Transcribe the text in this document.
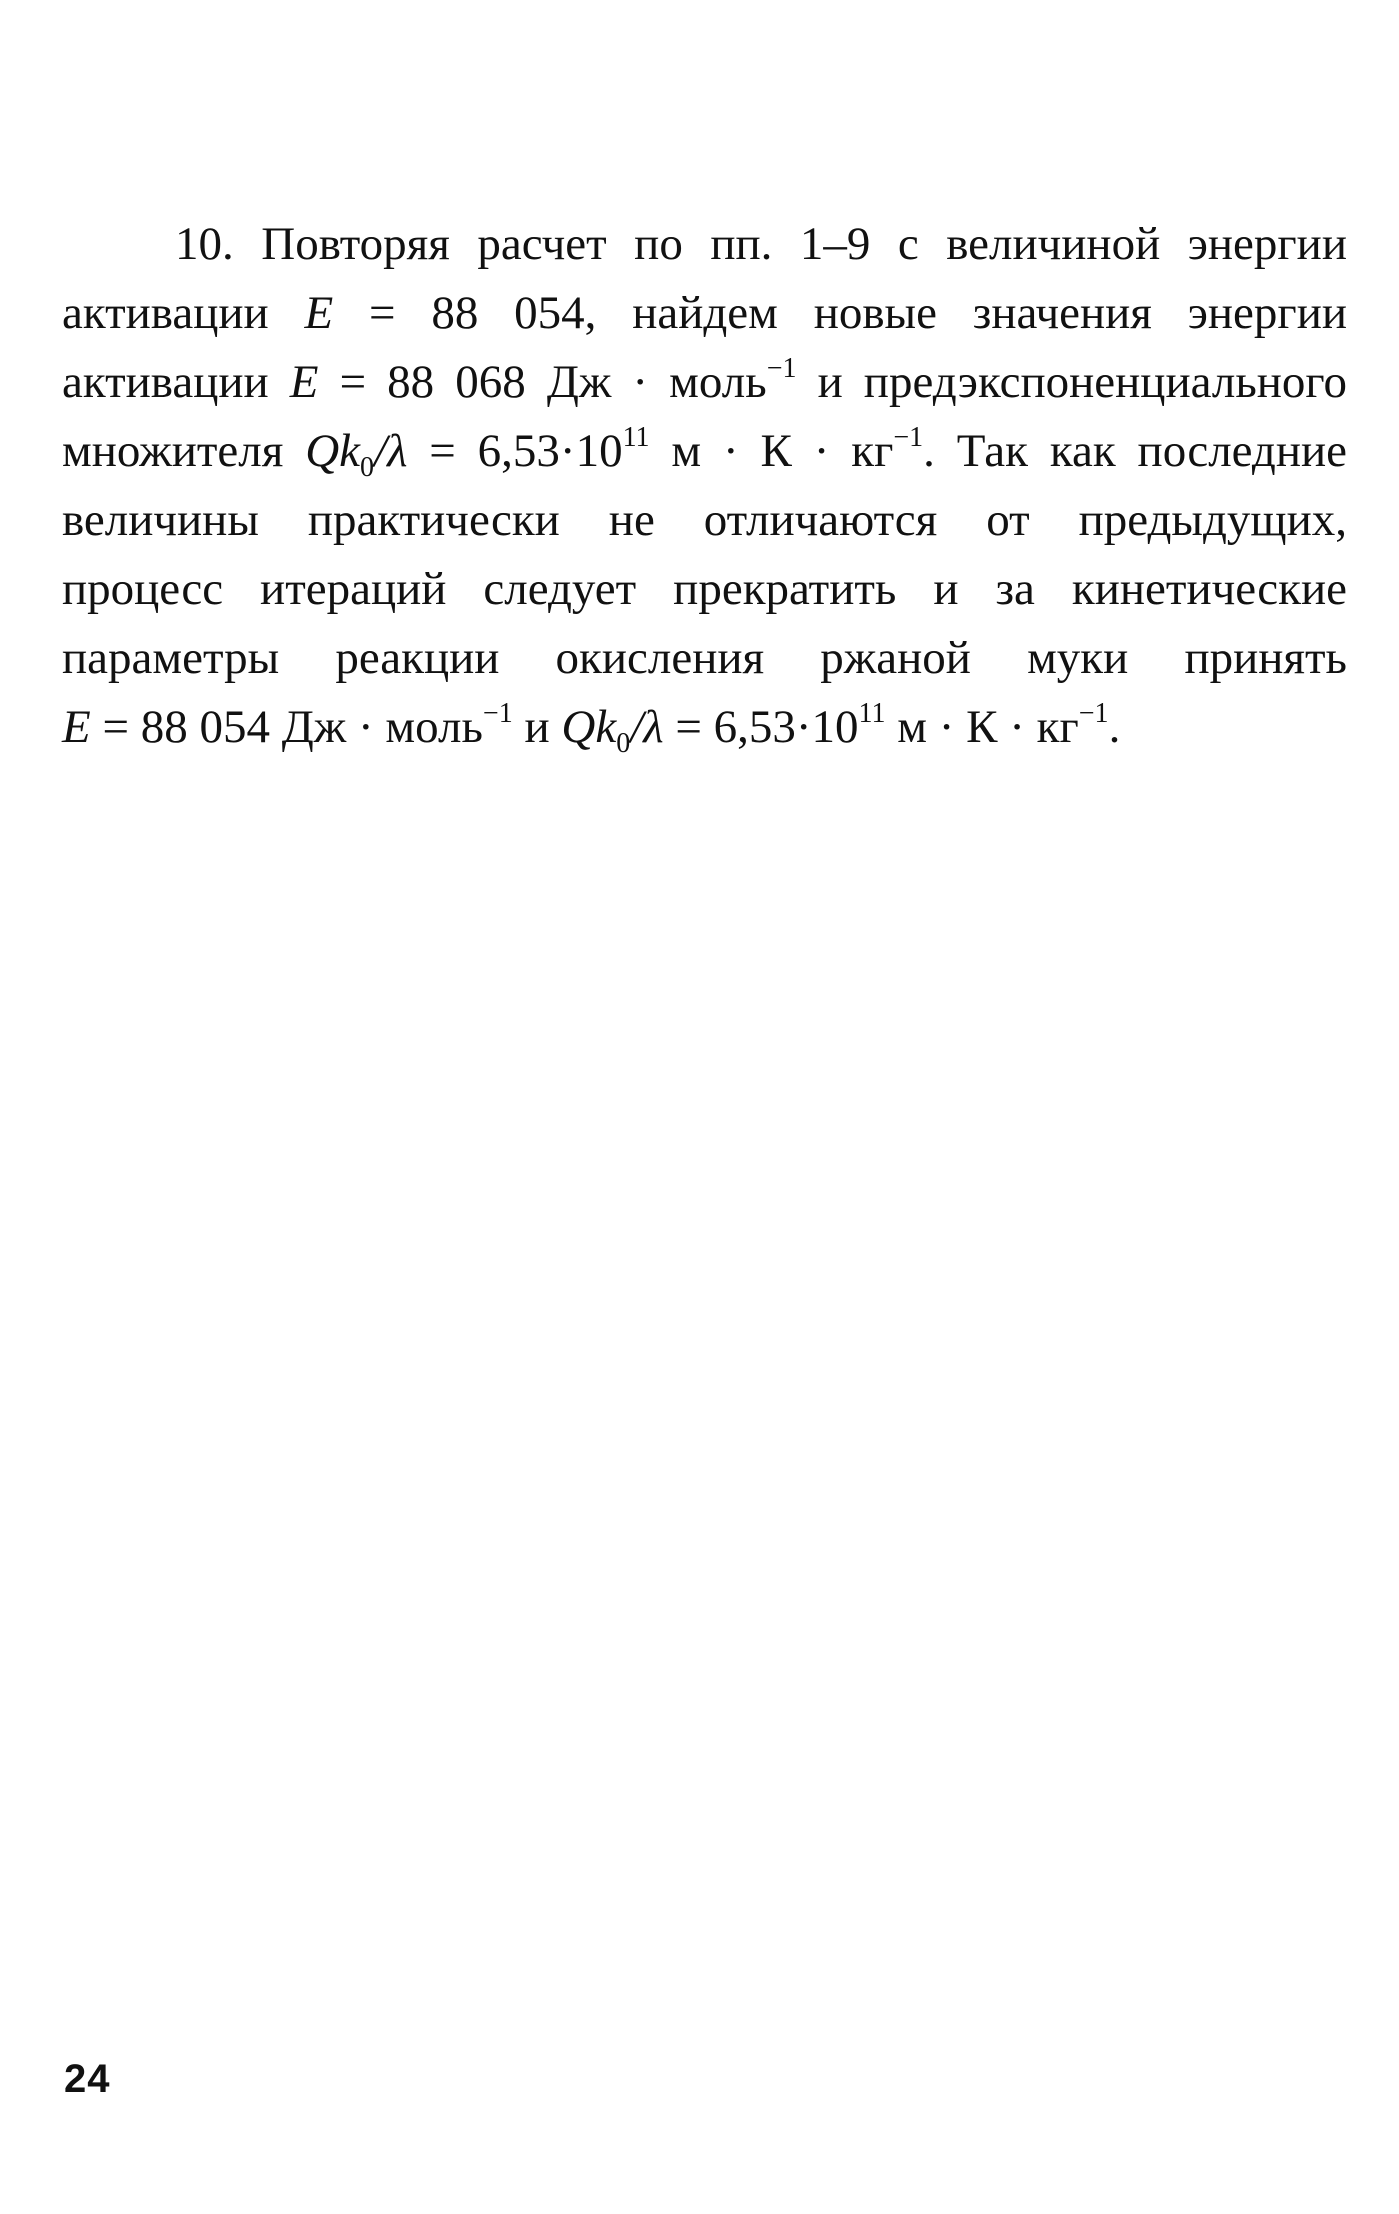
10. Повторяя расчет по пп. 1–9 с величиной энергии
активации E = 88 054, найдем новые значения энергии
активации E = 88 068 Дж · моль$^{-1}$ и предэкспоненциального
множителя $Qk_0/\lambda = 6,53\cdot 10^{11}$ $м \cdot К \cdot кг^{-1}$. Так как последние
величины практически не отличаются от предыдущих,
процесс итераций следует прекратить и за кинетические
параметры реакции окисления ржаной муки принять
E = 88 054 Дж · моль$^{-1}$ и $Qk_0/\lambda = 6,53\cdot 10^{11}$ $м \cdot К \cdot кг^{-1}$.
24
